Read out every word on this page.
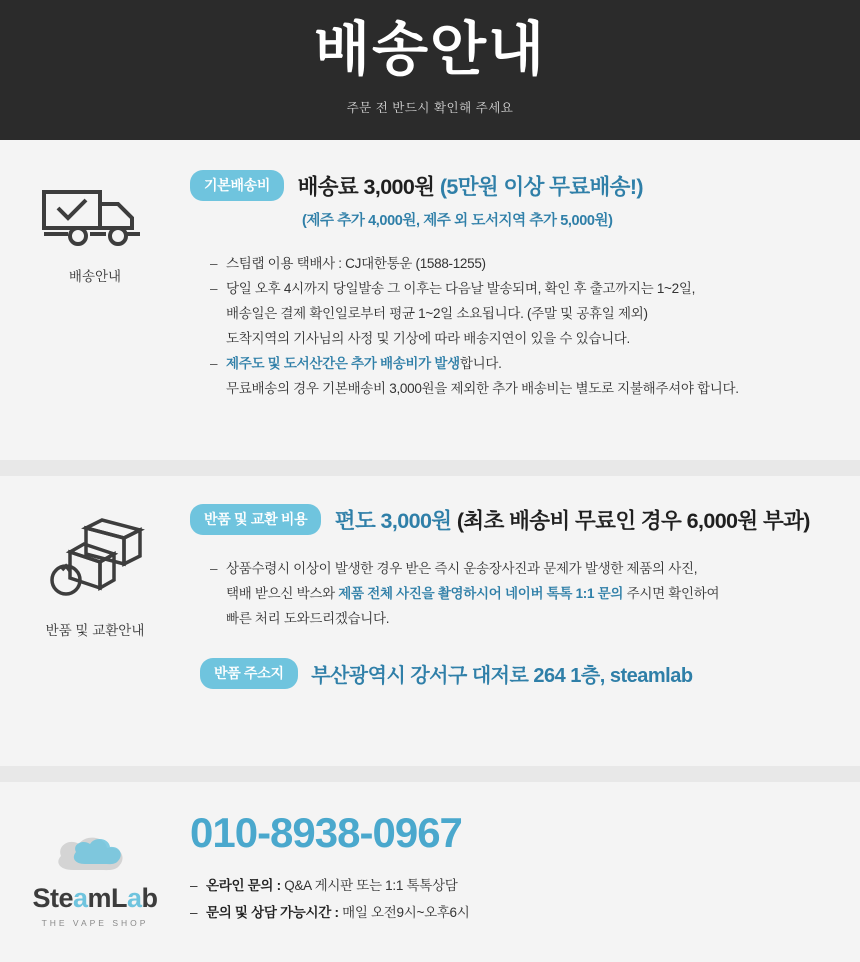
배송안내
주문 전 반드시 확인해 주세요
배송안내
기본배송비 배송료 3,000원 (5만원 이상 무료배송!)
(제주 추가 4,000원, 제주 외 도서지역 추가 5,000원)
– 스팀랩 이용 택배사 : CJ대한통운 (1588-1255)
– 당일 오후 4시까지 당일발송 그 이후는 다음날 발송되며, 확인 후 출고까지는 1~2일,
배송일은 결제 확인일로부터 평균 1~2일 소요됩니다. (주말 및 공휴일 제외)
도착지역의 기사님의 사정 및 기상에 따라 배송지연이 있을 수 있습니다.
– 제주도 및 도서산간은 추가 배송비가 발생합니다.
무료배송의 경우 기본배송비 3,000원을 제외한 추가 배송비는 별도로 지불해주셔야 합니다.
반품 및 교환안내
반품 및 교환 비용 편도 3,000원 (최초 배송비 무료인 경우 6,000원 부과)
– 상품수령시 이상이 발생한 경우 받은 즉시 운송장사진과 문제가 발생한 제품의 사진,
택배 받으신 박스와 제품 전체 사진을 촬영하시어 네이버 톡톡 1:1 문의 주시면 확인하여
빠른 처리 도와드리겠습니다.
반품 주소지 부산광역시 강서구 대저로 264 1층, steamlab
SteamLab
THE VAPE SHOP
010-8938-0967
– 온라인 문의 : Q&A 게시판 또는 1:1 톡톡상담
– 문의 및 상담 가능시간 : 매일 오전9시~오후6시
